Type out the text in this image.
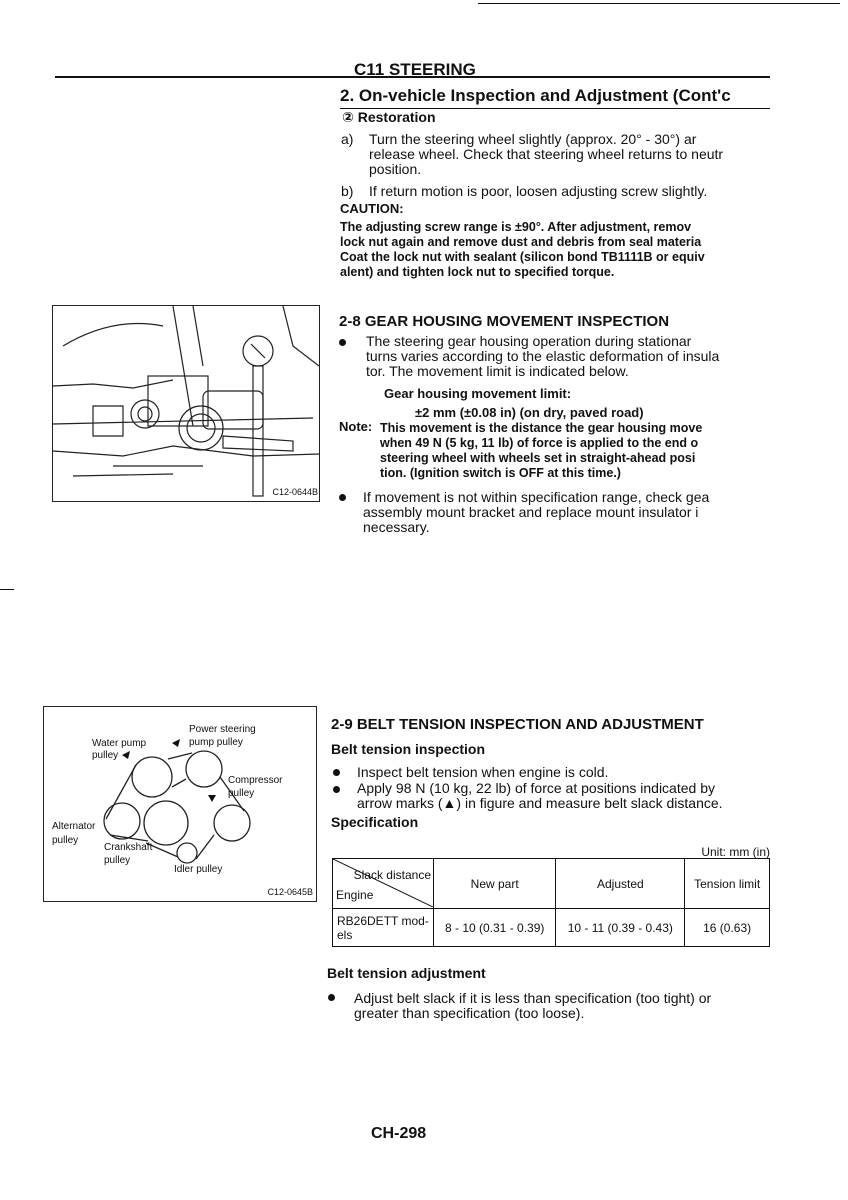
C11 STEERING
2. On-vehicle Inspection and Adjustment (Cont'c
② Restoration
a) Turn the steering wheel slightly (approx. 20° - 30°) ar
release wheel. Check that steering wheel returns to neutr
position.
b) If return motion is poor, loosen adjusting screw slightly.
CAUTION:
The adjusting screw range is ±90°. After adjustment, remov
lock nut again and remove dust and debris from seal materia
Coat the lock nut with sealant (silicon bond TB1111B or equiv
alent) and tighten lock nut to specified torque.
C12-0644B
2-8 GEAR HOUSING MOVEMENT INSPECTION
The steering gear housing operation during stationar
turns varies according to the elastic deformation of insula
tor. The movement limit is indicated below.
Gear housing movement limit:
±2 mm (±0.08 in) (on dry, paved road)
Note: This movement is the distance the gear housing move
when 49 N (5 kg, 11 lb) of force is applied to the end o
steering wheel with wheels set in straight-ahead posi
tion. (Ignition switch is OFF at this time.)
If movement is not within specification range, check gea
assembly mount bracket and replace mount insulator i
necessary.
Power steering
pump pulley
Water pump
pulley
Compressor
pulley
Alternator
pulley
Crankshaft
pulley
Idler pulley
C12-0645B
2-9 BELT TENSION INSPECTION AND ADJUSTMENT
Belt tension inspection
Inspect belt tension when engine is cold.
Apply 98 N (10 kg, 22 lb) of force at positions indicated by
arrow marks (▲) in figure and measure belt slack distance.
Specification
Unit: mm (in)
Slack distance
Engine	New part	Adjusted	Tension limit
RB26DETT mod-els	8 - 10 (0.31 - 0.39)	10 - 11 (0.39 - 0.43)	16 (0.63)
Belt tension adjustment
Adjust belt slack if it is less than specification (too tight) or
greater than specification (too loose).
CH-298
